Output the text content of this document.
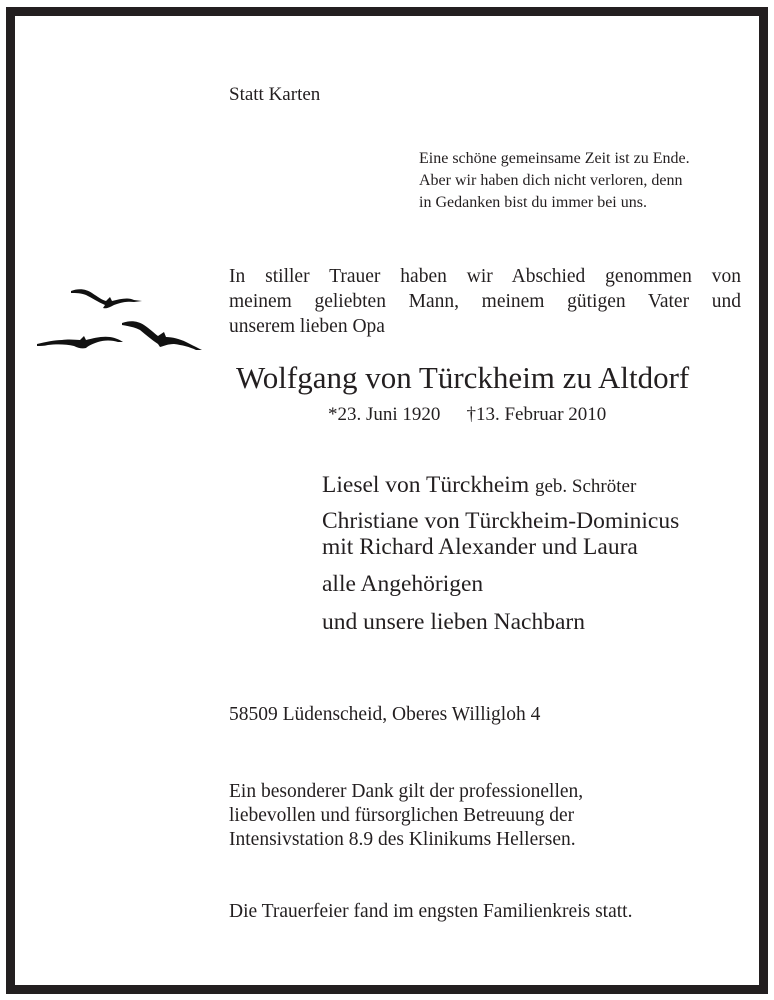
Statt Karten
Eine schöne gemeinsame Zeit ist zu Ende.
Aber wir haben dich nicht verloren, denn
in Gedanken bist du immer bei uns.
In stiller Trauer haben wir Abschied genommen von
meinem geliebten Mann, meinem gütigen Vater und
unserem lieben Opa
Wolfgang von Türckheim zu Altdorf
*23. Juni 1920 †13. Februar 2010
Liesel von Türckheim geb. Schröter
Christiane von Türckheim-Dominicus
mit Richard Alexander und Laura
alle Angehörigen
und unsere lieben Nachbarn
58509 Lüdenscheid, Oberes Willigloh 4
Ein besonderer Dank gilt der professionellen,
liebevollen und fürsorglichen Betreuung der
Intensivstation 8.9 des Klinikums Hellersen.
Die Trauerfeier fand im engsten Familienkreis statt.
